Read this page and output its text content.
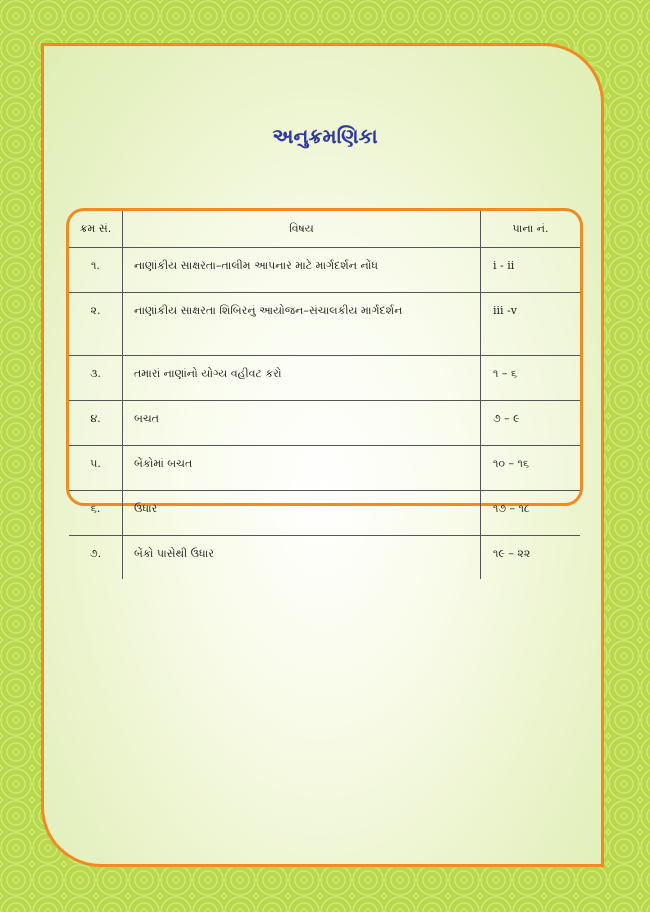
અનુક્રમણિકા
ક્રમ સં.	વિષય	પાના નં.
૧.	નાણાંકીય સાક્ષરતા–તાલીમ આપનાર માટે માર્ગદર્શન નોંધ	i - ii
૨.	નાણાંકીય સાક્ષરતા શિબિરનું આયોજન–સંચાલકીય માર્ગદર્શન	iii -v
૩.	તમારાં નાણાંનો યોગ્ય વહીવટ કરો	૧ – ૬
૪.	બચત	૭ – ૯
૫.	બેંકોમાં બચત	૧૦ – ૧૬
૬.	ઉધાર	૧૭ – ૧૮
૭.	બેંકો પાસેથી ઉધાર	૧૯ – ૨૨
